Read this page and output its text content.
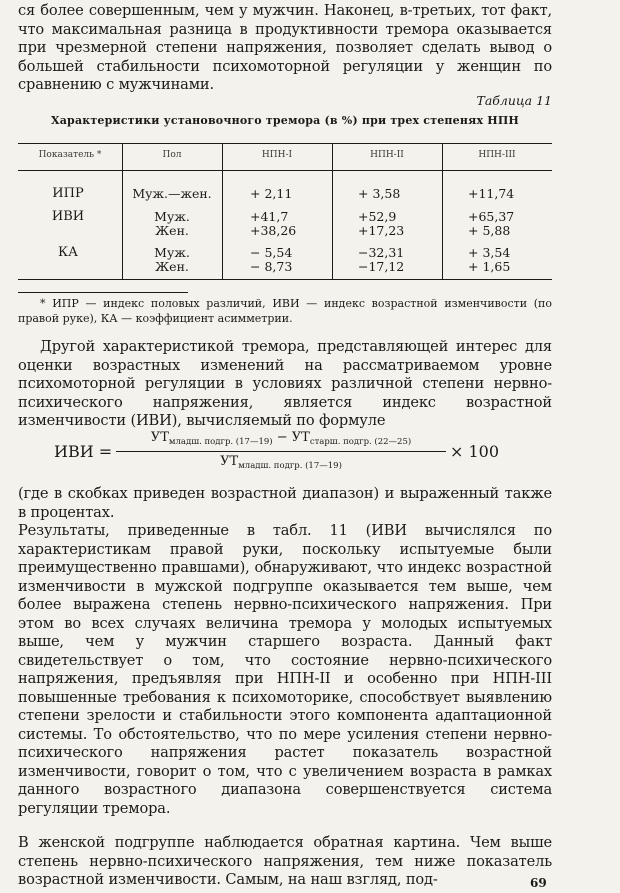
ся более совершенным, чем у мужчин. Наконец, в-третьих, тот факт, что максимальная разница в продуктивности тремора оказывается при чрезмерной степени напряжения, позволяет сделать вывод о большей стабильности психомоторной регуляции у женщин по сравнению с мужчинами.

Таблица 11
Характеристики установочного тремора (в %) при трех степенях НПН
Показатель *	Пол	НПН-I	НПН-II	НПН-III
ИПР	Муж.—жен.	+ 2,11	+ 3,58	+11,74
ИВИ	Муж.	+41,7	+52,9	+65,37
Жен.	+38,26	+17,23	+ 5,88
КА	Муж.	− 5,54	−32,31	+ 3,54
Жен.	− 8,73	−17,12	+ 1,65
* ИПР — индекс половых различий, ИВИ — индекс возрастной изменчивости (по правой руке), КА — коэффициент асимметрии.

Другой характеристикой тремора, представляющей интерес для оценки возрастных изменений на рассматриваемом уровне психомоторной регуляции в условиях различной степени нервно-психического напряжения, является индекс возрастной изменчивости (ИВИ), вычисляемый по формуле

ИВИ =
$УТ_{младш. подгр. (17—19)} - УТ_{старш. подгр. (22—25)}$
$УТ_{младш. подгр. (17—19)}$
× 100

(где в скобках приведен возрастной диапазон) и выраженный также в процентах.

Результаты, приведенные в табл. 11 (ИВИ вычислялся по характеристикам правой руки, поскольку испытуемые были преимущественно правшами), обнаруживают, что индекс возрастной изменчивости в мужской подгруппе оказывается тем выше, чем более выражена степень нервно-психического напряжения. При этом во всех случаях величина тремора у молодых испытуемых выше, чем у мужчин старшего возраста. Данный факт свидетельствует о том, что состояние нервно-психического напряжения, предъявляя при НПН-II и особенно при НПН-III повышенные требования к психомоторике, способствует выявлению степени зрелости и стабильности этого компонента адаптационной системы. То обстоятельство, что по мере усиления степени нервно-психического напряжения растет показатель возрастной изменчивости, говорит о том, что с увеличением возраста в рамках данного возрастного диапазона совершенствуется система регуляции тремора.

В женской подгруппе наблюдается обратная картина. Чем выше степень нервно-психического напряжения, тем ниже показатель возрастной изменчивости. Самым, на наш взгляд, под-	69
